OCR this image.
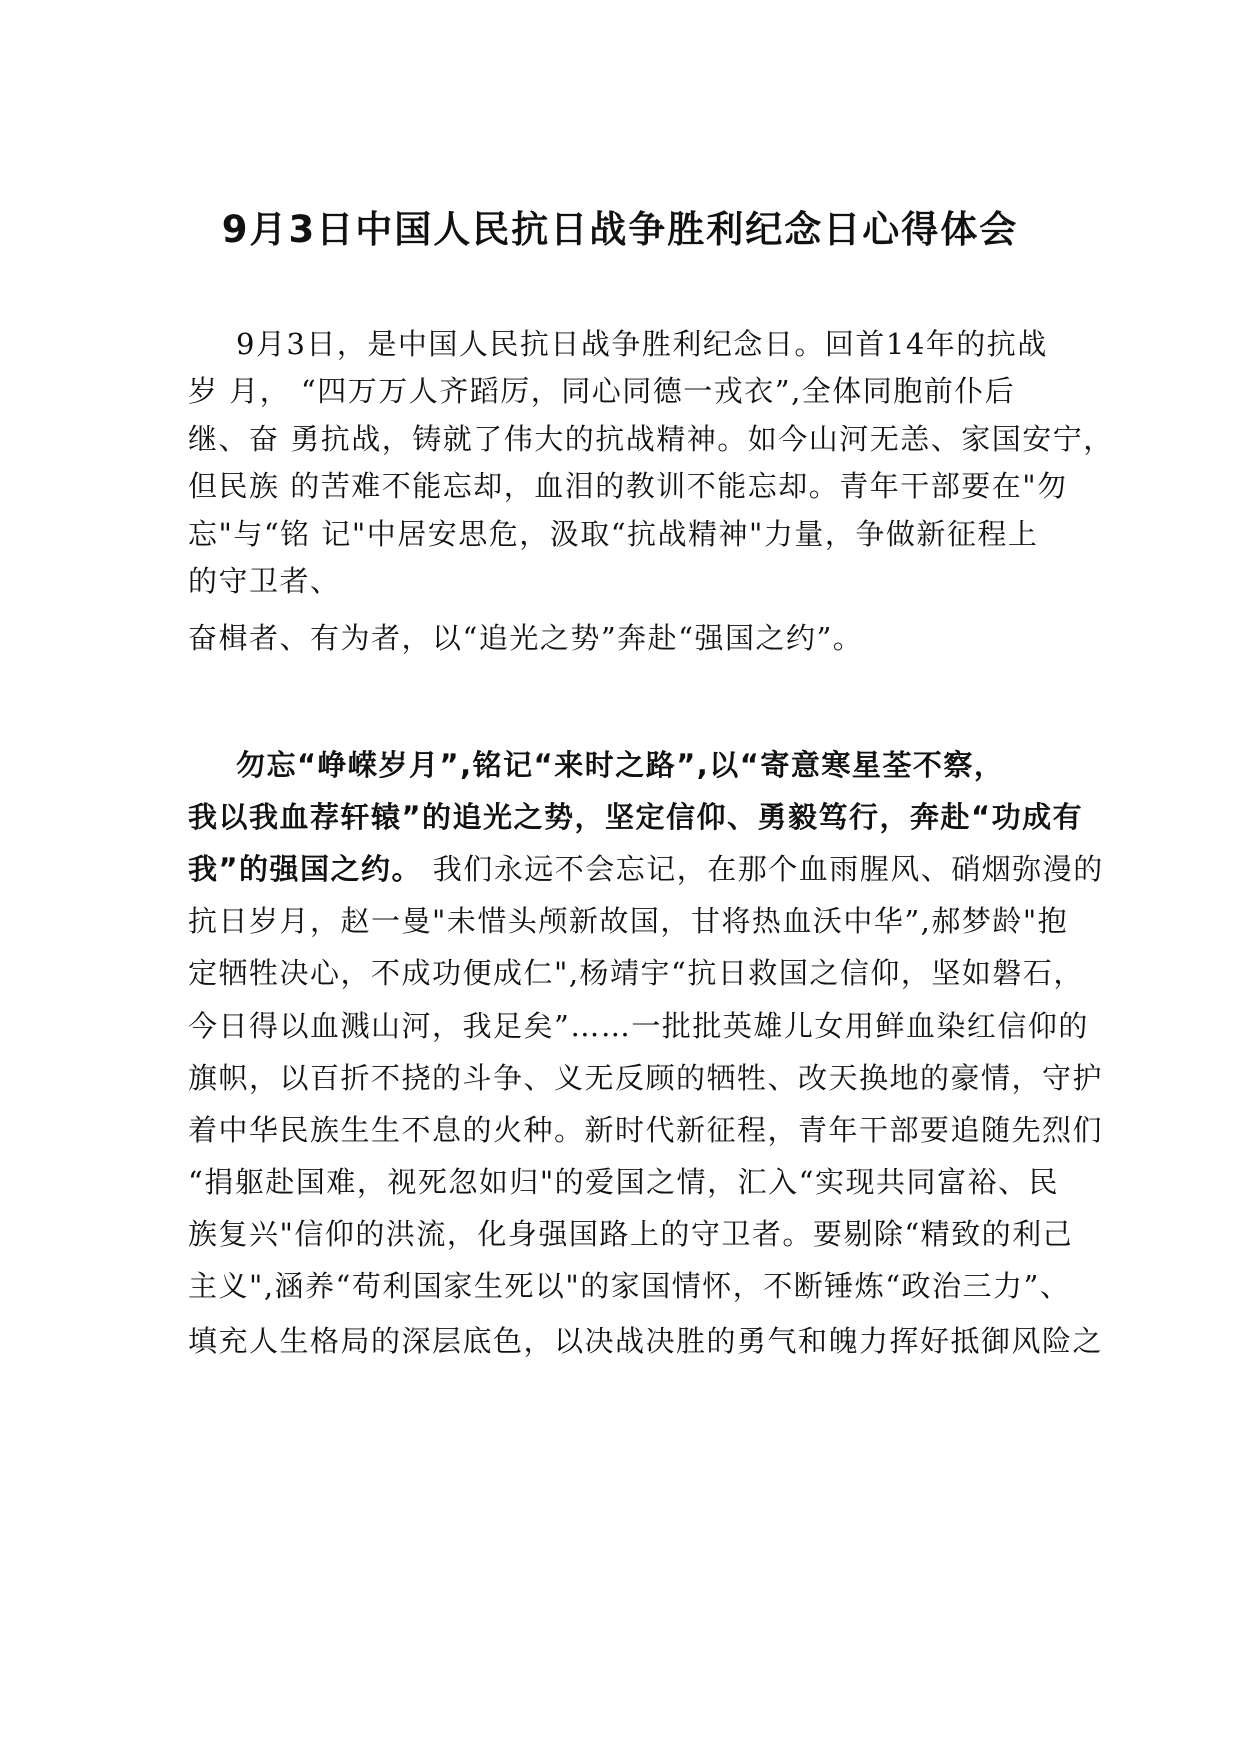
9月3日中国人民抗日战争胜利纪念日心得体会
9月3日，是中国人民抗日战争胜利纪念日。回首14年的抗战
岁 月， “四万万人齐蹈厉，同心同德一戎衣”,全体同胞前仆后
继、奋 勇抗战，铸就了伟大的抗战精神。如今山河无恙、家国安宁，
但民族 的苦难不能忘却，血泪的教训不能忘却。青年干部要在"勿
忘"与“铭 记"中居安思危，汲取“抗战精神"力量，争做新征程上
的守卫者、
奋楫者、有为者，以“追光之势”奔赴“强国之约”。
勿忘“峥嵘岁月”,铭记“来时之路”,以“寄意寒星荃不察，
我以我血荐轩辕”的追光之势，坚定信仰、勇毅笃行，奔赴“功成有
我”的强国之约。 我们永远不会忘记，在那个血雨腥风、硝烟弥漫的
抗日岁月，赵一曼"未惜头颅新故国，甘将热血沃中华”,郝梦龄"抱
定牺牲决心，不成功便成仁",杨靖宇“抗日救国之信仰，坚如磐石，
今日得以血溅山河，我足矣”……一批批英雄儿女用鲜血染红信仰的
旗帜，以百折不挠的斗争、义无反顾的牺牲、改天换地的豪情，守护
着中华民族生生不息的火种。新时代新征程，青年干部要追随先烈们
“捐躯赴国难，视死忽如归"的爱国之情，汇入“实现共同富裕、民
族复兴"信仰的洪流，化身强国路上的守卫者。要剔除“精致的利己
主义",涵养“苟利国家生死以"的家国情怀，不断锤炼“政治三力”、
填充人生格局的深层底色，以决战决胜的勇气和魄力挥好抵御风险之
